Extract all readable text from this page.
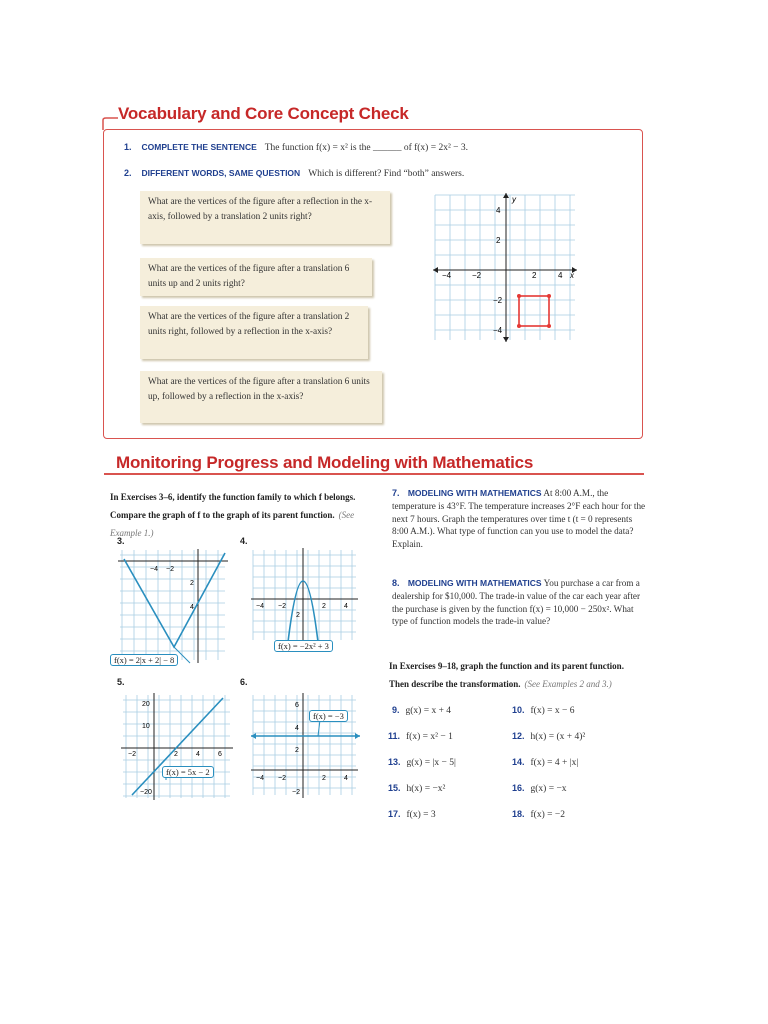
Vocabulary and Core Concept Check
1. COMPLETE THE SENTENCE The function f(x) = x² is the ______ of f(x) = 2x² − 3.
2. DIFFERENT WORDS, SAME QUESTION Which is different? Find “both” answers.
What are the vertices of the figure after a reflection in the x-axis, followed by a translation 2 units right?
What are the vertices of the figure after a translation 6 units up and 2 units right?
What are the vertices of the figure after a translation 2 units right, followed by a reflection in the x-axis?
What are the vertices of the figure after a translation 6 units up, followed by a reflection in the x-axis?
y
x
−4	−2	2	4
4
2
−2
−4
Monitoring Progress and Modeling with Mathematics
In Exercises 3–6, identify the function family to which f belongs. Compare the graph of f to the graph of its parent function. (See Example 1.)
3.
−4 −2
2
4
f(x) = 2|x + 2| − 8
4.
−4 −2	2	4
2
f(x) = −2x² + 3
5.
−2	2	4	6
20
10
−20
f(x) = 5x − 2
6.
−4 −2	2	4
6
4
2
−2
f(x) = −3
7. MODELING WITH MATHEMATICS At 8:00 A.M., the temperature is 43°F. The temperature increases 2°F each hour for the next 7 hours. Graph the temperatures over time t (t = 0 represents 8:00 A.M.). What type of function can you use to model the data? Explain.
8. MODELING WITH MATHEMATICS You purchase a car from a dealership for $10,000. The trade-in value of the car each year after the purchase is given by the function f(x) = 10,000 − 250x². What type of function models the trade-in value?
In Exercises 9–18, graph the function and its parent function. Then describe the transformation. (See Examples 2 and 3.)
9. g(x) = x + 4	10. f(x) = x − 6
11. f(x) = x² − 1	12. h(x) = (x + 4)²
13. g(x) = |x − 5|	14. f(x) = 4 + |x|
15. h(x) = −x²	16. g(x) = −x
17. f(x) = 3	18. f(x) = −2
